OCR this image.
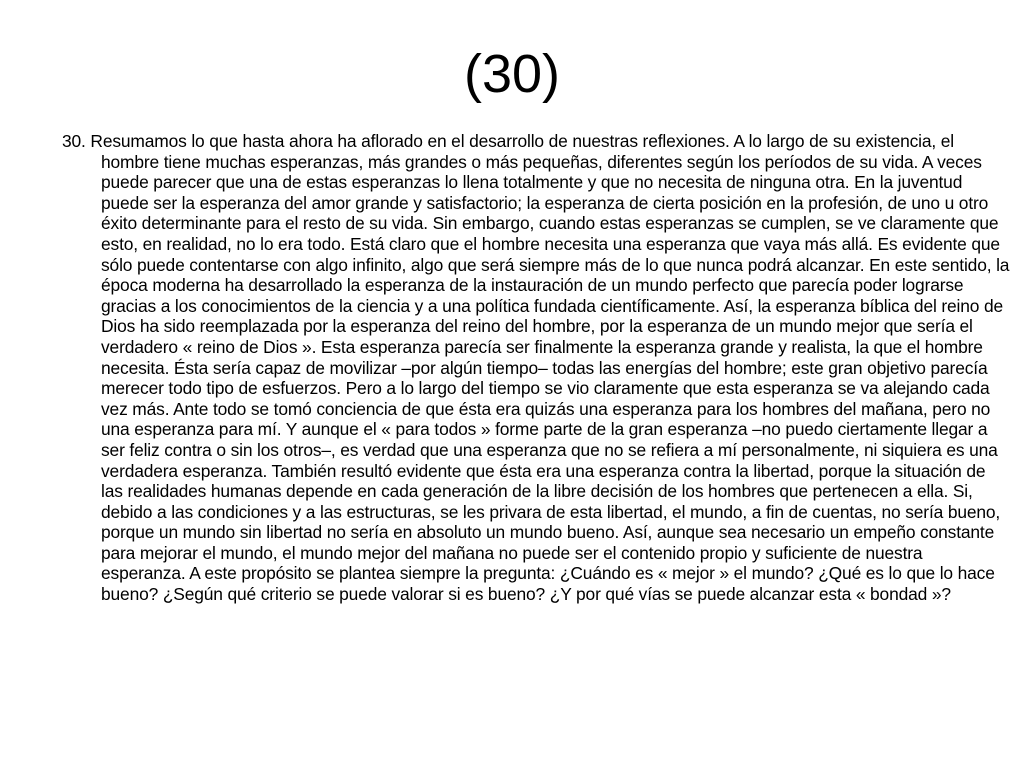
(30)

30. Resumamos lo que hasta ahora ha aflorado en el desarrollo de nuestras reflexiones. A lo largo de su existencia, el hombre tiene muchas esperanzas, más grandes o más pequeñas, diferentes según los períodos de su vida. A veces puede parecer que una de estas esperanzas lo llena totalmente y que no necesita de ninguna otra. En la juventud puede ser la esperanza del amor grande y satisfactorio; la esperanza de cierta posición en la profesión, de uno u otro éxito determinante para el resto de su vida. Sin embargo, cuando estas esperanzas se cumplen, se ve claramente que esto, en realidad, no lo era todo. Está claro que el hombre necesita una esperanza que vaya más allá. Es evidente que sólo puede contentarse con algo infinito, algo que será siempre más de lo que nunca podrá alcanzar. En este sentido, la época moderna ha desarrollado la esperanza de la instauración de un mundo perfecto que parecía poder lograrse gracias a los conocimientos de la ciencia y a una política fundada científicamente. Así, la esperanza bíblica del reino de Dios ha sido reemplazada por la esperanza del reino del hombre, por la esperanza de un mundo mejor que sería el verdadero « reino de Dios ». Esta esperanza parecía ser finalmente la esperanza grande y realista, la que el hombre necesita. Ésta sería capaz de movilizar –por algún tiempo– todas las energías del hombre; este gran objetivo parecía merecer todo tipo de esfuerzos. Pero a lo largo del tiempo se vio claramente que esta esperanza se va alejando cada vez más. Ante todo se tomó conciencia de que ésta era quizás una esperanza para los hombres del mañana, pero no una esperanza para mí. Y aunque el « para todos » forme parte de la gran esperanza –no puedo ciertamente llegar a ser feliz contra o sin los otros–, es verdad que una esperanza que no se refiera a mí personalmente, ni siquiera es una verdadera esperanza. También resultó evidente que ésta era una esperanza contra la libertad, porque la situación de las realidades humanas depende en cada generación de la libre decisión de los hombres que pertenecen a ella. Si, debido a las condiciones y a las estructuras, se les privara de esta libertad, el mundo, a fin de cuentas, no sería bueno, porque un mundo sin libertad no sería en absoluto un mundo bueno. Así, aunque sea necesario un empeño constante para mejorar el mundo, el mundo mejor del mañana no puede ser el contenido propio y suficiente de nuestra esperanza. A este propósito se plantea siempre la pregunta: ¿Cuándo es « mejor » el mundo? ¿Qué es lo que lo hace bueno? ¿Según qué criterio se puede valorar si es bueno? ¿Y por qué vías se puede alcanzar esta « bondad »?
